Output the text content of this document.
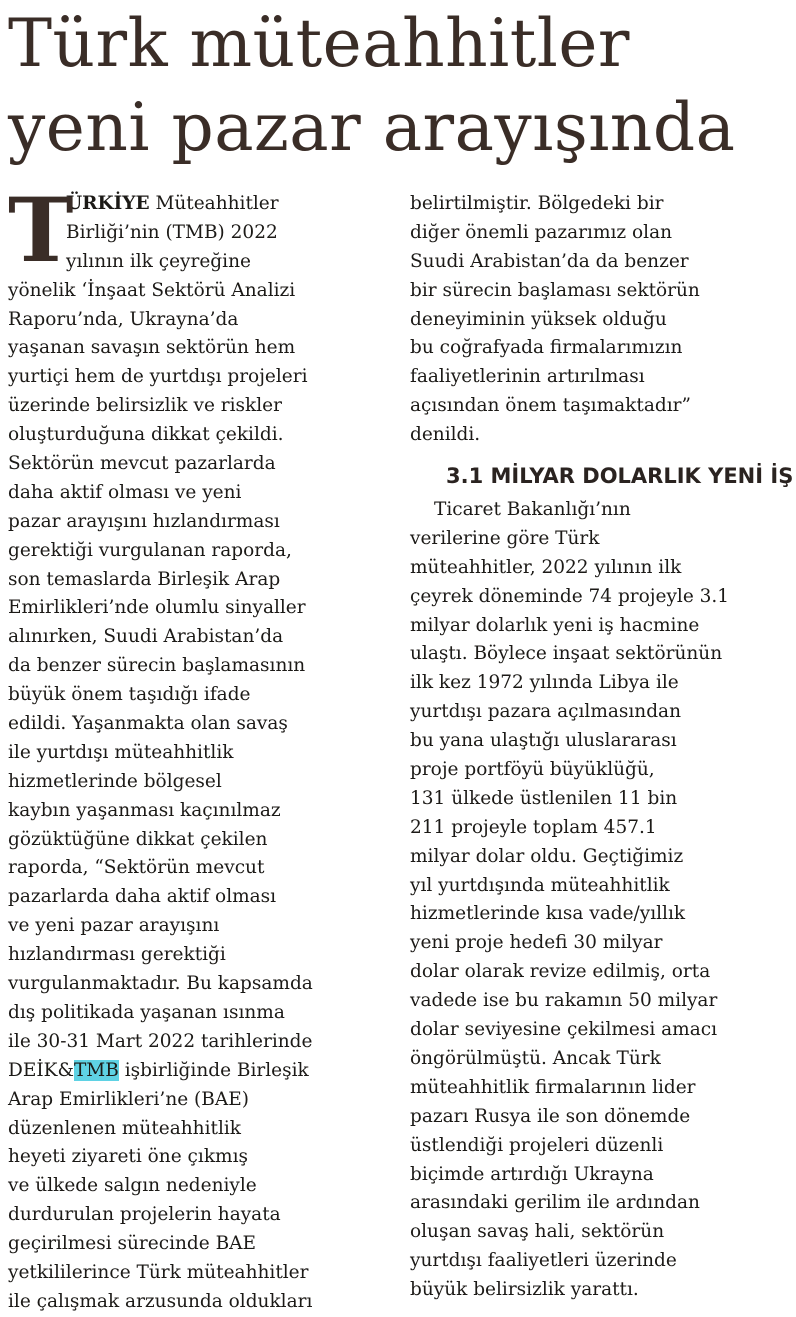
Türk müteahhitler
yeni pazar arayışında
T
ÜRKİYE Müteahhitler
Birliği’nin (TMB) 2022
yılının ilk çeyreğine
yönelik ‘İnşaat Sektörü Analizi
Raporu’nda, Ukrayna’da
yaşanan savaşın sektörün hem
yurtiçi hem de yurtdışı projeleri
üzerinde belirsizlik ve riskler
oluşturduğuna dikkat çekildi.
Sektörün mevcut pazarlarda
daha aktif olması ve yeni
pazar arayışını hızlandırması
gerektiği vurgulanan raporda,
son temaslarda Birleşik Arap
Emirlikleri’nde olumlu sinyaller
alınırken, Suudi Arabistan’da
da benzer sürecin başlamasının
büyük önem taşıdığı ifade
edildi. Yaşanmakta olan savaş
ile yurtdışı müteahhitlik
hizmetlerinde bölgesel
kaybın yaşanması kaçınılmaz
gözüktüğüne dikkat çekilen
raporda, “Sektörün mevcut
pazarlarda daha aktif olması
ve yeni pazar arayışını
hızlandırması gerektiği
vurgulanmaktadır. Bu kapsamda
dış politikada yaşanan ısınma
ile 30-31 Mart 2022 tarihlerinde
DEİK&TMB işbirliğinde Birleşik
Arap Emirlikleri’ne (BAE)
düzenlenen müteahhitlik
heyeti ziyareti öne çıkmış
ve ülkede salgın nedeniyle
durdurulan projelerin hayata
geçirilmesi sürecinde BAE
yetkililerince Türk müteahhitler
ile çalışmak arzusunda oldukları
belirtilmiştir. Bölgedeki bir
diğer önemli pazarımız olan
Suudi Arabistan’da da benzer
bir sürecin başlaması sektörün
deneyiminin yüksek olduğu
bu coğrafyada firmalarımızın
faaliyetlerinin artırılması
açısından önem taşımaktadır”
denildi.
3.1 MİLYAR DOLARLIK YENİ İŞ
Ticaret Bakanlığı’nın
verilerine göre Türk
müteahhitler, 2022 yılının ilk
çeyrek döneminde 74 projeyle 3.1
milyar dolarlık yeni iş hacmine
ulaştı. Böylece inşaat sektörünün
ilk kez 1972 yılında Libya ile
yurtdışı pazara açılmasından
bu yana ulaştığı uluslararası
proje portföyü büyüklüğü,
131 ülkede üstlenilen 11 bin
211 projeyle toplam 457.1
milyar dolar oldu. Geçtiğimiz
yıl yurtdışında müteahhitlik
hizmetlerinde kısa vade/yıllık
yeni proje hedefi 30 milyar
dolar olarak revize edilmiş, orta
vadede ise bu rakamın 50 milyar
dolar seviyesine çekilmesi amacı
öngörülmüştü. Ancak Türk
müteahhitlik firmalarının lider
pazarı Rusya ile son dönemde
üstlendiği projeleri düzenli
biçimde artırdığı Ukrayna
arasındaki gerilim ile ardından
oluşan savaş hali, sektörün
yurtdışı faaliyetleri üzerinde
büyük belirsizlik yarattı.
